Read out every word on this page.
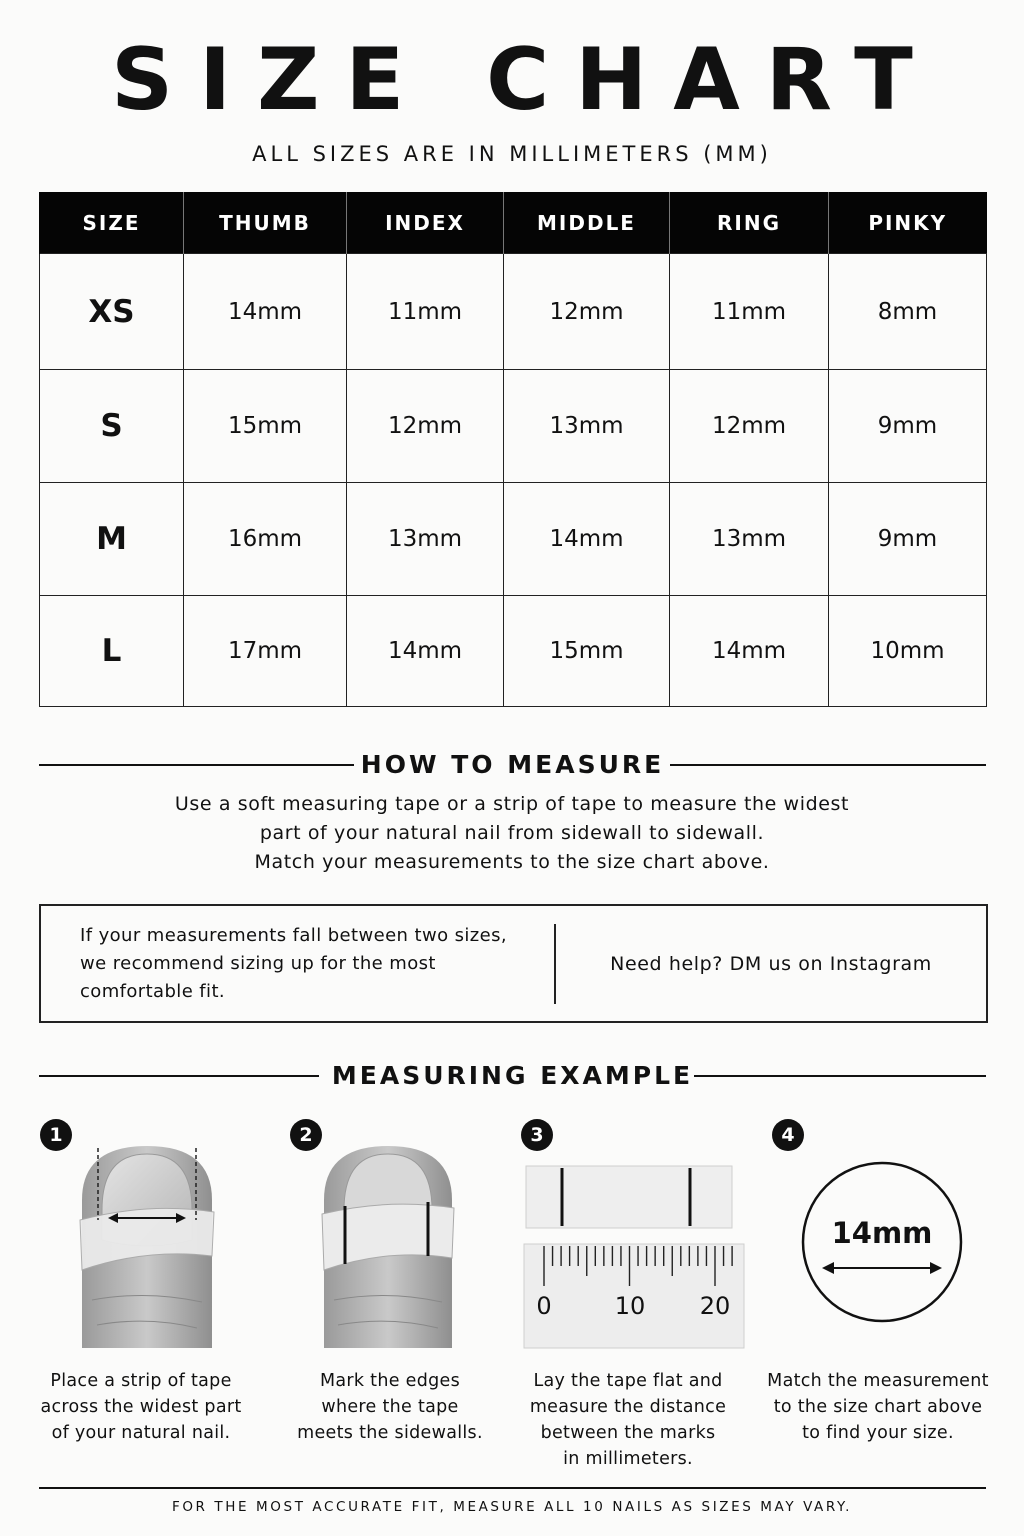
SIZE CHART
ALL SIZES ARE IN MILLIMETERS (MM)
SIZE	THUMB	INDEX	MIDDLE	RING	PINKY
XS	14mm	11mm	12mm	11mm	8mm
S	15mm	12mm	13mm	12mm	9mm
M	16mm	13mm	14mm	13mm	9mm
L	17mm	14mm	15mm	14mm	10mm
HOW TO MEASURE
Use a soft measuring tape or a strip of tape to measure the widest
part of your natural nail from sidewall to sidewall.
Match your measurements to the size chart above.
If your measurements fall between two sizes,
we recommend sizing up for the most
comfortable fit.
Need help? DM us on Instagram
MEASURING EXAMPLE
1	2	3	4
0	10 20
14mm
Place a strip of tape
across the widest part
of your natural nail.
Mark the edges
where the tape
meets the sidewalls.
Lay the tape flat and
measure the distance
between the marks
in millimeters.
Match the measurement
to the size chart above
to find your size.
FOR THE MOST ACCURATE FIT, MEASURE ALL 10 NAILS AS SIZES MAY VARY.
